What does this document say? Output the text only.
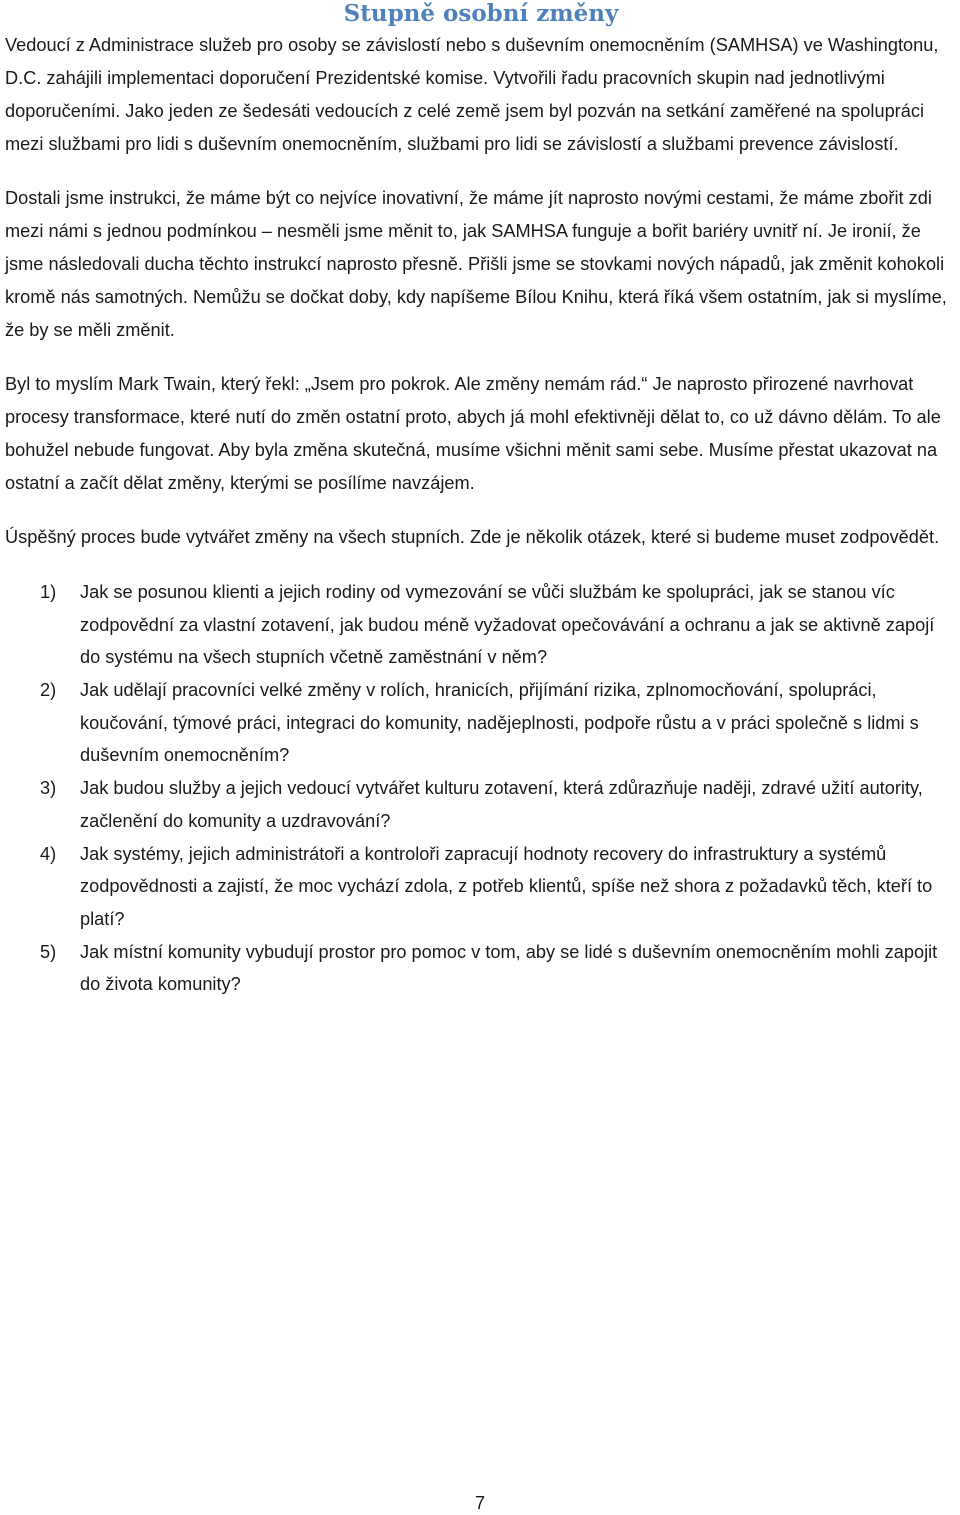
Stupně osobní změny

Vedoucí z Administrace služeb pro osoby se závislostí nebo s duševním onemocněním (SAMHSA) ve Washingtonu, D.C. zahájili implementaci doporučení Prezidentské komise. Vytvořili řadu pracovních skupin nad jednotlivými doporučeními. Jako jeden ze šedesáti vedoucích z celé země jsem byl pozván na setkání zaměřené na spolupráci mezi službami pro lidi s duševním onemocněním, službami pro lidi se závislostí a službami prevence závislostí.

Dostali jsme instrukci, že máme být co nejvíce inovativní, že máme jít naprosto novými cestami, že máme zbořit zdi mezi námi s jednou podmínkou – nesměli jsme měnit to, jak SAMHSA funguje a bořit bariéry uvnitř ní. Je ironií, že jsme následovali ducha těchto instrukcí naprosto přesně. Přišli jsme se stovkami nových nápadů, jak změnit kohokoli kromě nás samotných. Nemůžu se dočkat doby, kdy napíšeme Bílou Knihu, která říká všem ostatním, jak si myslíme, že by se měli změnit.

Byl to myslím Mark Twain, který řekl: „Jsem pro pokrok. Ale změny nemám rád.“ Je naprosto přirozené navrhovat procesy transformace, které nutí do změn ostatní proto, abych já mohl efektivněji dělat to, co už dávno dělám. To ale bohužel nebude fungovat. Aby byla změna skutečná, musíme všichni měnit sami sebe. Musíme přestat ukazovat na ostatní a začít dělat změny, kterými se posílíme navzájem.

Úspěšný proces bude vytvářet změny na všech stupních. Zde je několik otázek, které si budeme muset zodpovědět.

1) Jak se posunou klienti a jejich rodiny od vymezování se vůči službám ke spolupráci, jak se stanou víc zodpovědní za vlastní zotavení, jak budou méně vyžadovat opečovávání a ochranu a jak se aktivně zapojí do systému na všech stupních včetně zaměstnání v něm?
2) Jak udělají pracovníci velké změny v rolích, hranicích, přijímání rizika, zplnomocňování, spolupráci, koučování, týmové práci, integraci do komunity, nadějeplnosti, podpoře růstu a v práci společně s lidmi s duševním onemocněním?
3) Jak budou služby a jejich vedoucí vytvářet kulturu zotavení, která zdůrazňuje naději, zdravé užití autority, začlenění do komunity a uzdravování?
4) Jak systémy, jejich administrátoři a kontroloři zapracují hodnoty recovery do infrastruktury a systémů zodpovědnosti a zajistí, že moc vychází zdola, z potřeb klientů, spíše než shora z požadavků těch, kteří to platí?
5) Jak místní komunity vybudují prostor pro pomoc v tom, aby se lidé s duševním onemocněním mohli zapojit do života komunity?
7
